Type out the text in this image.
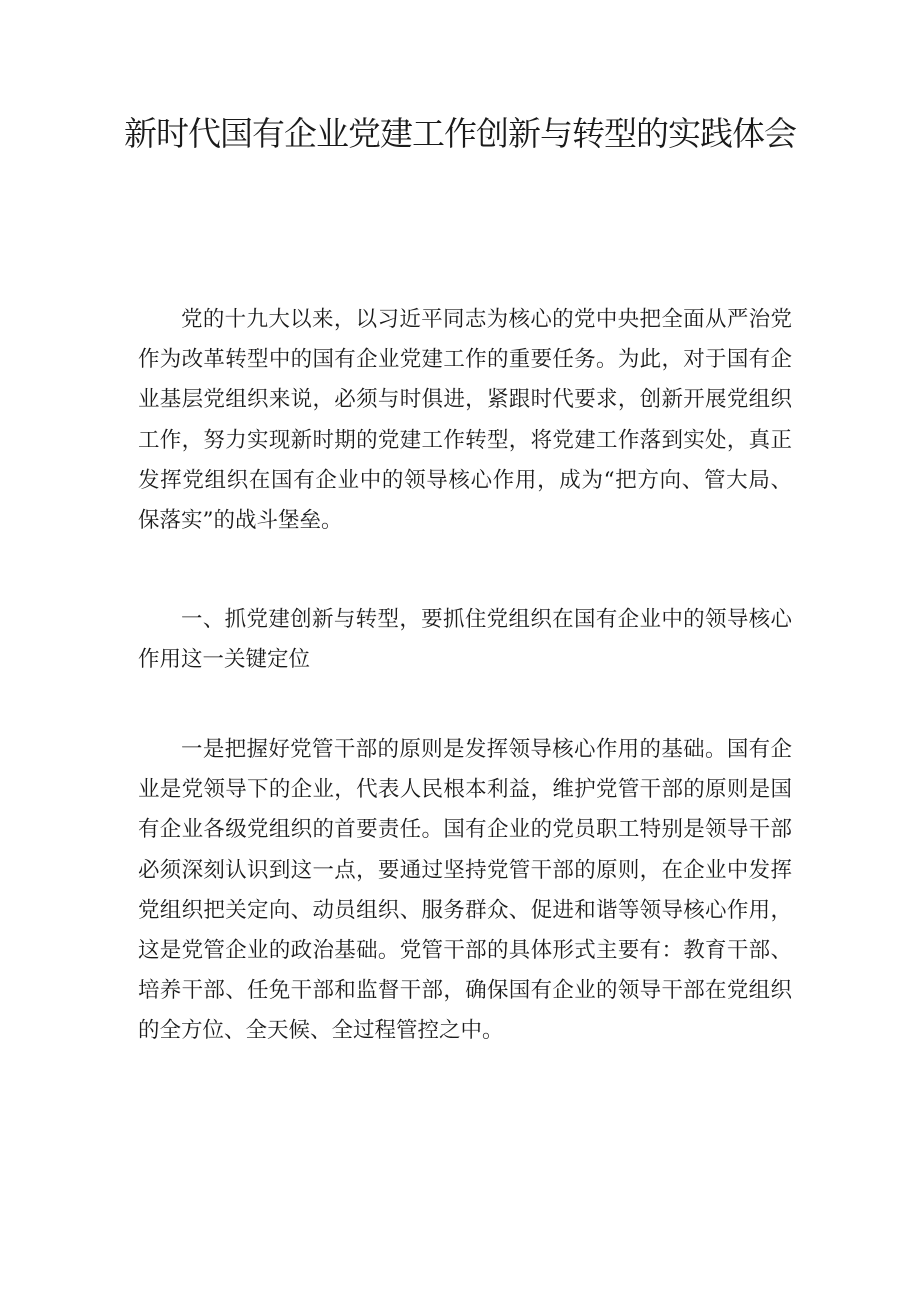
新时代国有企业党建工作创新与转型的实践体会

党的十九大以来，以习近平同志为核心的党中央把全面从严治党作为改革转型中的国有企业党建工作的重要任务。为此，对于国有企业基层党组织来说，必须与时俱进，紧跟时代要求，创新开展党组织工作，努力实现新时期的党建工作转型，将党建工作落到实处，真正发挥党组织在国有企业中的领导核心作用，成为“把方向、管大局、保落实”的战斗堡垒。

一、抓党建创新与转型，要抓住党组织在国有企业中的领导核心作用这一关键定位

一是把握好党管干部的原则是发挥领导核心作用的基础。国有企业是党领导下的企业，代表人民根本利益，维护党管干部的原则是国有企业各级党组织的首要责任。国有企业的党员职工特别是领导干部必须深刻认识到这一点，要通过坚持党管干部的原则，在企业中发挥党组织把关定向、动员组织、服务群众、促进和谐等领导核心作用，这是党管企业的政治基础。党管干部的具体形式主要有：教育干部、培养干部、任免干部和监督干部，确保国有企业的领导干部在党组织的全方位、全天候、全过程管控之中。
